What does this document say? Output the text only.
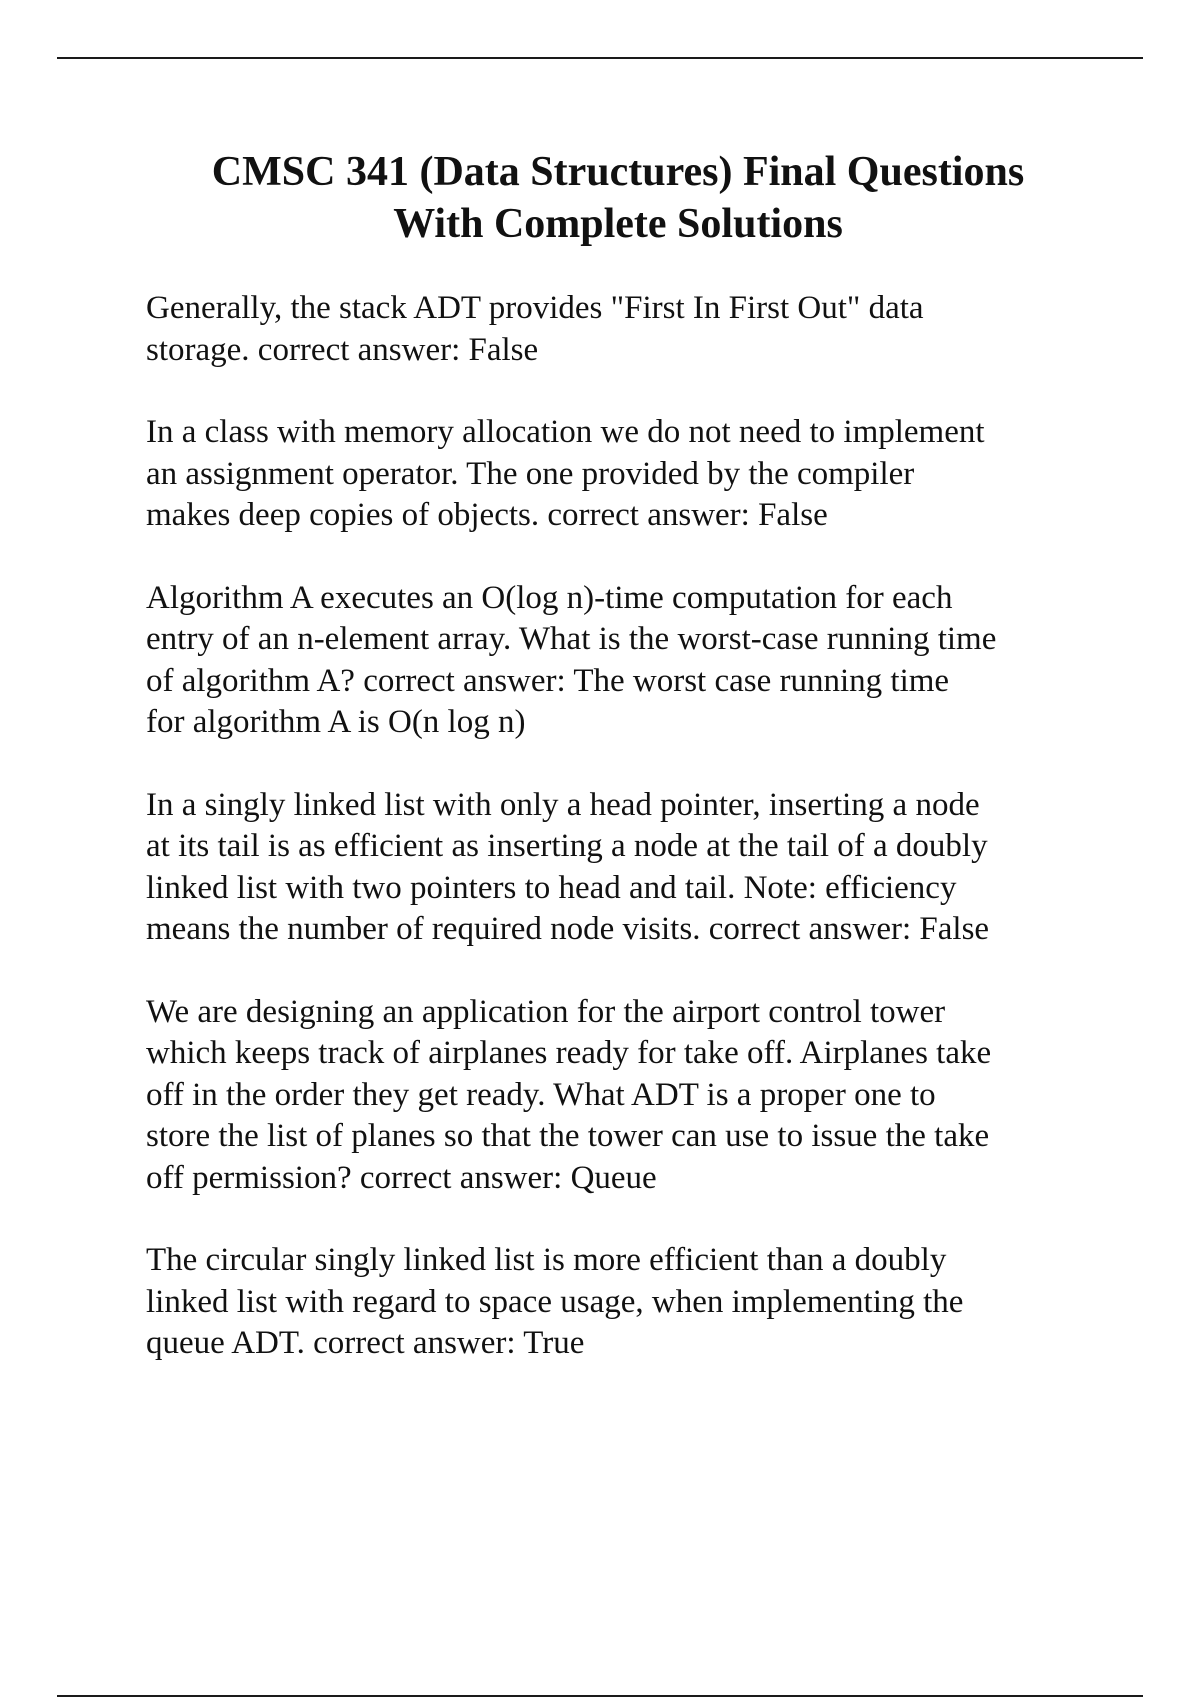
CMSC 341 (Data Structures) Final Questions
With Complete Solutions

Generally, the stack ADT provides "First In First Out" data
storage. correct answer: False

In a class with memory allocation we do not need to implement
an assignment operator. The one provided by the compiler
makes deep copies of objects. correct answer: False

Algorithm A executes an O(log n)-time computation for each
entry of an n-element array. What is the worst-case running time
of algorithm A? correct answer: The worst case running time
for algorithm A is O(n log n)

In a singly linked list with only a head pointer, inserting a node
at its tail is as efficient as inserting a node at the tail of a doubly
linked list with two pointers to head and tail. Note: efficiency
means the number of required node visits. correct answer: False

We are designing an application for the airport control tower
which keeps track of airplanes ready for take off. Airplanes take
off in the order they get ready. What ADT is a proper one to
store the list of planes so that the tower can use to issue the take
off permission? correct answer: Queue

The circular singly linked list is more efficient than a doubly
linked list with regard to space usage, when implementing the
queue ADT. correct answer: True
